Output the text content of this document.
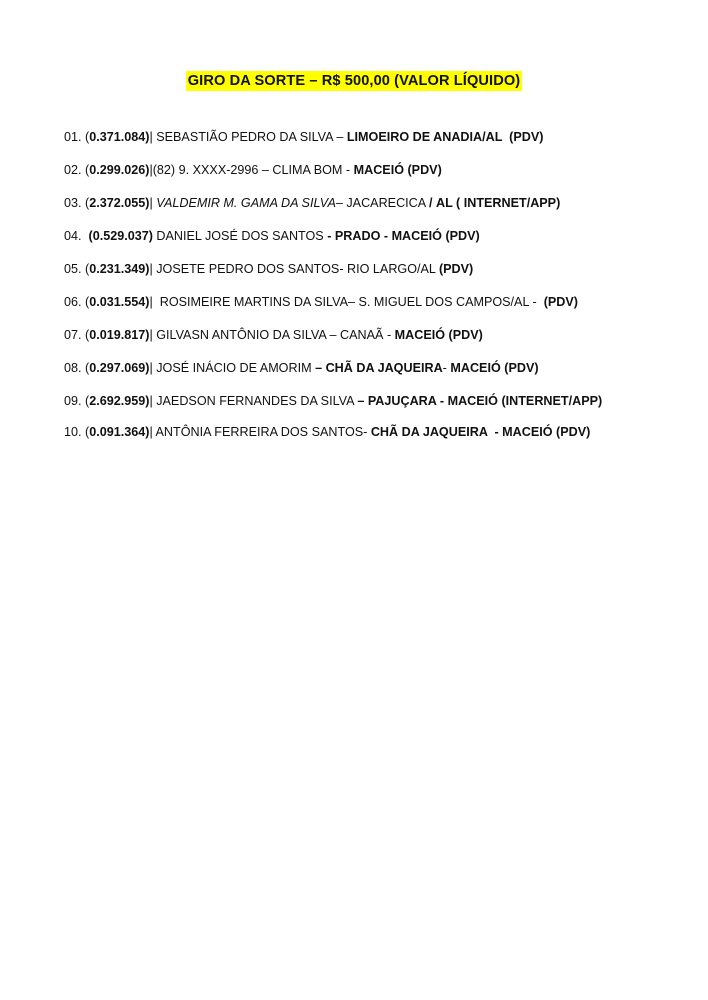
GIRO DA SORTE – R$ 500,00 (VALOR LÍQUIDO)
01. (0.371.084)| SEBASTIÃO PEDRO DA SILVA – LIMOEIRO DE ANADIA/AL  (PDV)
02. (0.299.026)|(82) 9. XXXX-2996 – CLIMA BOM - MACEIÓ (PDV)
03. (2.372.055)| VALDEMIR M. GAMA DA SILVA– JACARECICA / AL ( INTERNET/APP)
04.  (0.529.037) DANIEL JOSÉ DOS SANTOS - PRADO - MACEIÓ (PDV)
05. (0.231.349)| JOSETE PEDRO DOS SANTOS- RIO LARGO/AL (PDV)
06. (0.031.554)|  ROSIMEIRE MARTINS DA SILVA– S. MIGUEL DOS CAMPOS/AL -  (PDV)
07. (0.019.817)| GILVASN ANTÔNIO DA SILVA – CANAÃ - MACEIÓ (PDV)
08. (0.297.069)| JOSÉ INÁCIO DE AMORIM – CHÃ DA JAQUEIRA- MACEIÓ (PDV)
09. (2.692.959)| JAEDSON FERNANDES DA SILVA – PAJUÇARA - MACEIÓ (INTERNET/APP)
10. (0.091.364)| ANTÔNIA FERREIRA DOS SANTOS- CHÃ DA JAQUEIRA  - MACEIÓ (PDV)
